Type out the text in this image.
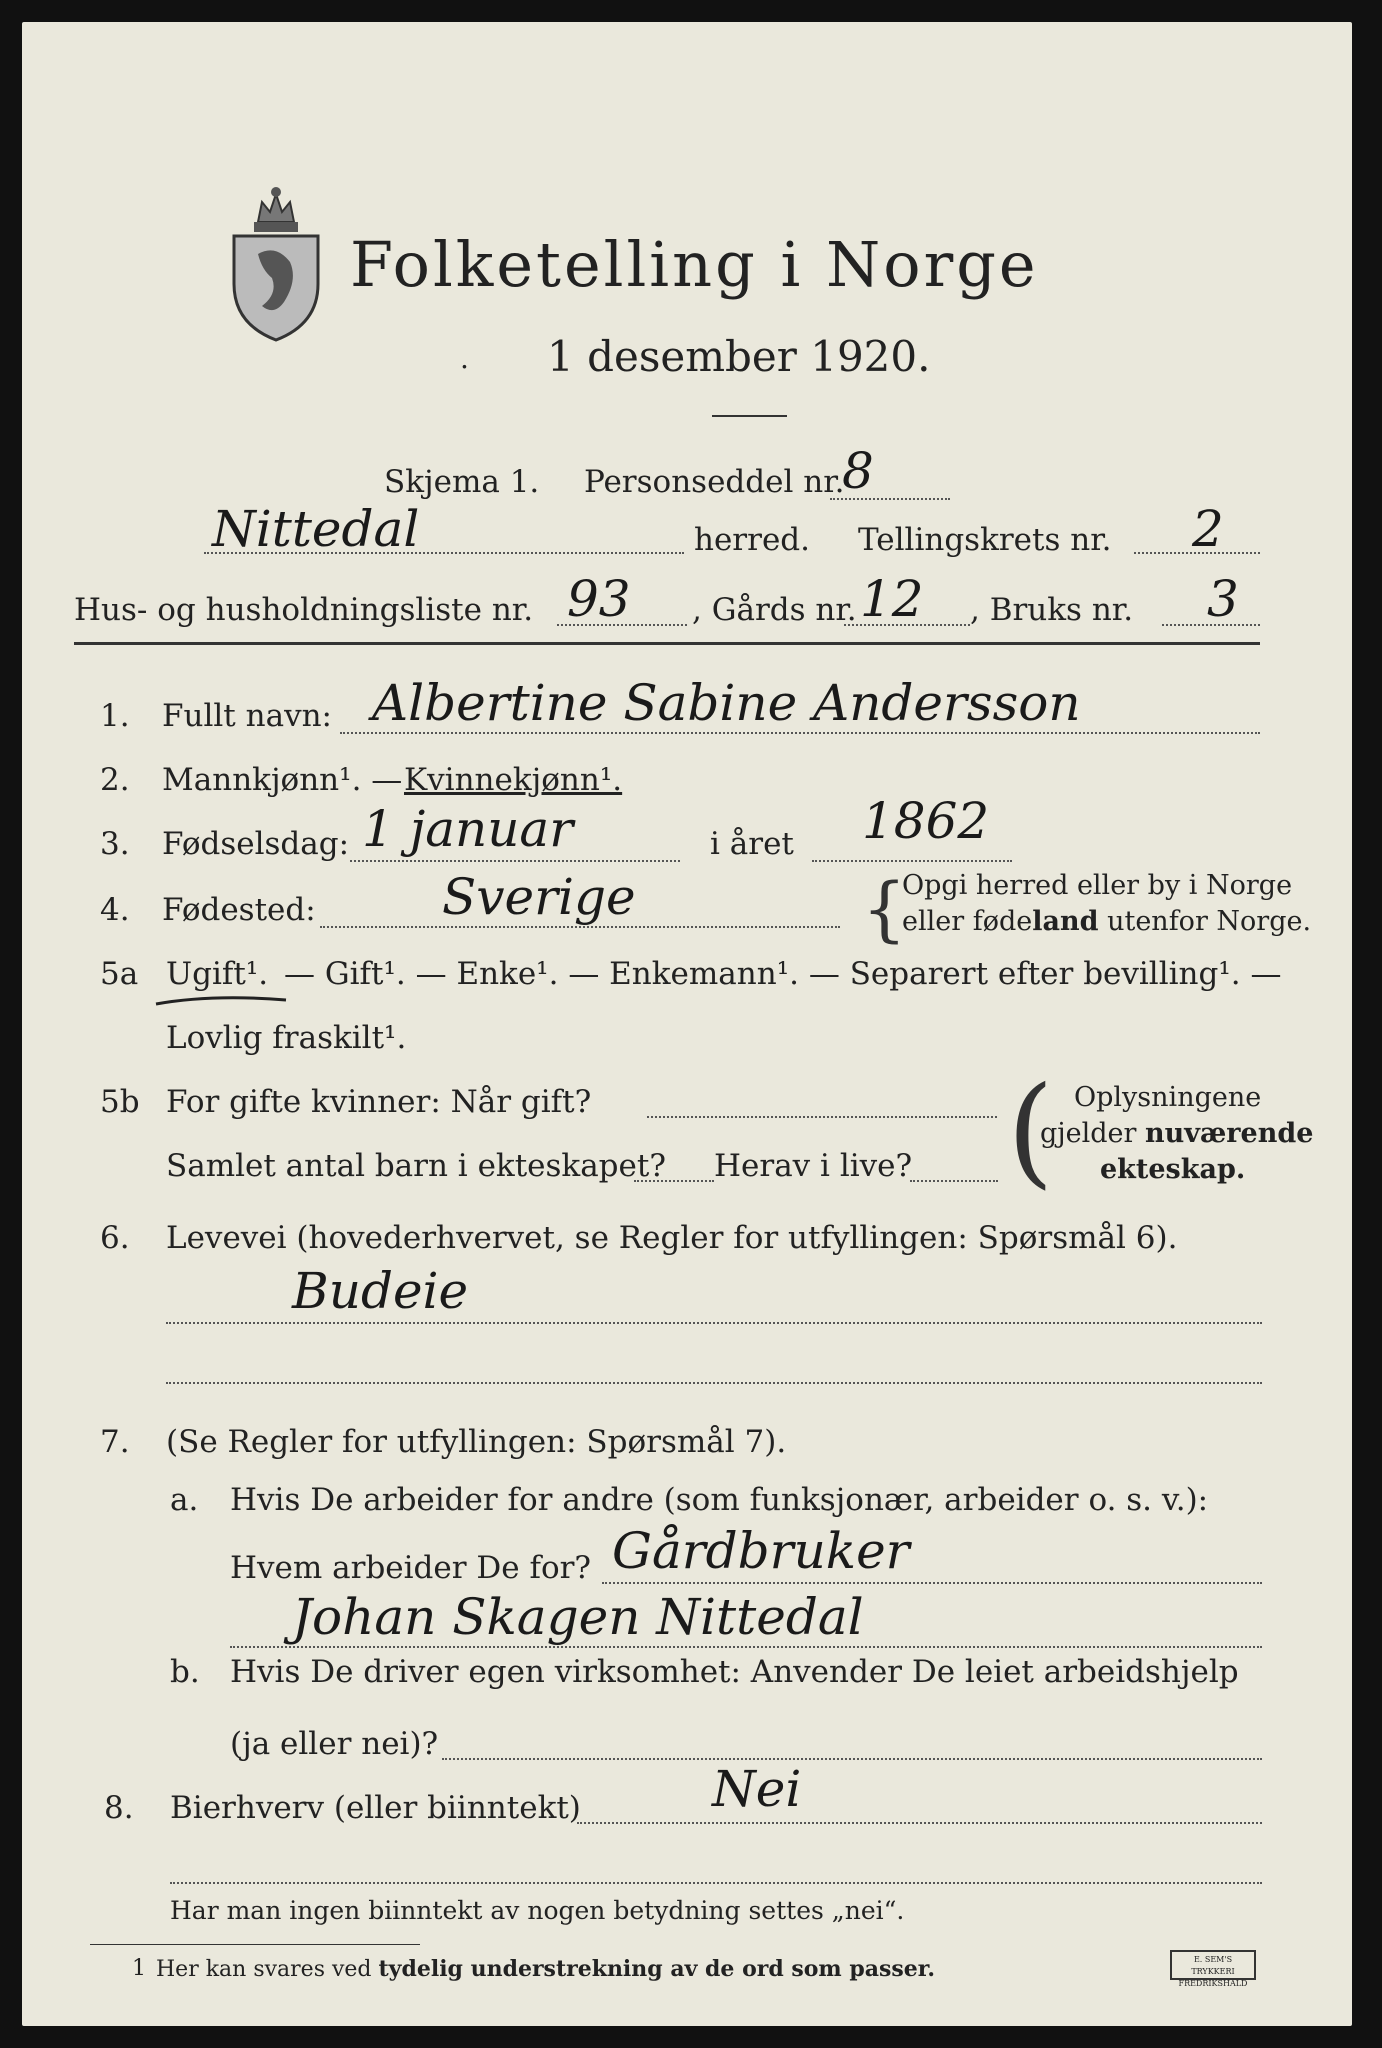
Folketelling i Norge
1 desember 1920.
.
Skjema 1. Personseddel nr.
8
Nittedal	herred. Tellingskrets nr. 2
Hus- og husholdningsliste nr. 93 , Gårds nr. 12 , Bruks nr. 3
1. Fullt navn: Albertine Sabine Andersson
2. Mannkjønn¹. — Kvinnekjønn¹.
3. Fødselsdag: 1 januar	i året 1862
4. Fødested:	Sverige	{
Opgi herred eller by i Norge
eller fødeland utenfor Norge.
5a Ugift¹. — Gift¹. — Enke¹. — Enkemann¹. — Separert efter bevilling¹. —
Lovlig fraskilt¹.
5b For gifte kvinner: Når gift?
Samlet antal barn i ekteskapet? Herav i live? ( Oplysningene
gjelder nuværende
ekteskap.
6. Levevei (hovederhvervet, se Regler for utfyllingen: Spørsmål 6).
Budeie
7. (Se Regler for utfyllingen: Spørsmål 7).
a. Hvis De arbeider for andre (som funksjonær, arbeider o. s. v.):
Hvem arbeider De for? Gårdbruker
Johan Skagen Nittedal
b. Hvis De driver egen virksomhet: Anvender De leiet arbeidshjelp
(ja eller nei)?
8. Bierhverv (eller biinntekt)	Nei
Har man ingen biinntekt av nogen betydning settes „nei“.
1 Her kan svares ved tydelig understrekning av de ord som passer.	E. SEM'S TRYKKERI FREDRIKSHALD
